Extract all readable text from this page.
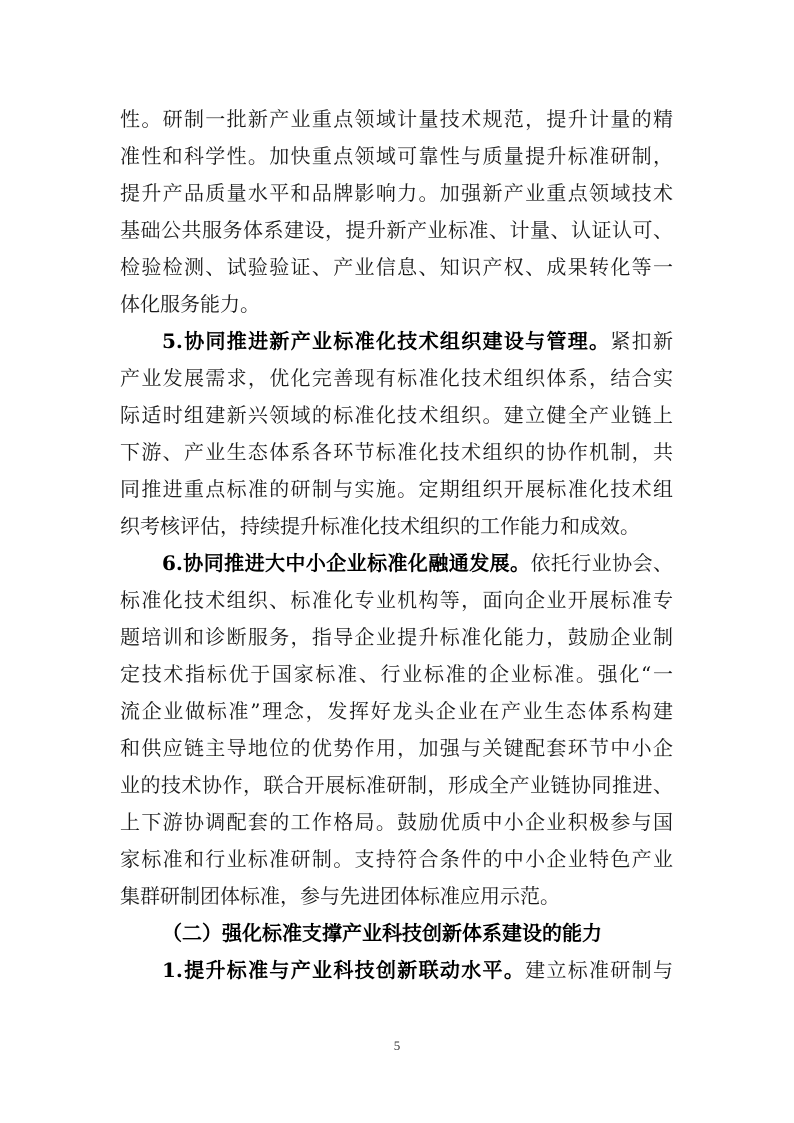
性。研制一批新产业重点领域计量技术规范，提升计量的精
准性和科学性。加快重点领域可靠性与质量提升标准研制，
提升产品质量水平和品牌影响力。加强新产业重点领域技术
基础公共服务体系建设，提升新产业标准、计量、认证认可、
检验检测、试验验证、产业信息、知识产权、成果转化等一
体化服务能力。
5.协同推进新产业标准化技术组织建设与管理。紧扣新
产业发展需求，优化完善现有标准化技术组织体系，结合实
际适时组建新兴领域的标准化技术组织。建立健全产业链上
下游、产业生态体系各环节标准化技术组织的协作机制，共
同推进重点标准的研制与实施。定期组织开展标准化技术组
织考核评估，持续提升标准化技术组织的工作能力和成效。
6.协同推进大中小企业标准化融通发展。依托行业协会、
标准化技术组织、标准化专业机构等，面向企业开展标准专
题培训和诊断服务，指导企业提升标准化能力，鼓励企业制
定技术指标优于国家标准、行业标准的企业标准。强化“一
流企业做标准”理念，发挥好龙头企业在产业生态体系构建
和供应链主导地位的优势作用，加强与关键配套环节中小企
业的技术协作，联合开展标准研制，形成全产业链协同推进、
上下游协调配套的工作格局。鼓励优质中小企业积极参与国
家标准和行业标准研制。支持符合条件的中小企业特色产业
集群研制团体标准，参与先进团体标准应用示范。
（二）强化标准支撑产业科技创新体系建设的能力
1.提升标准与产业科技创新联动水平。建立标准研制与
5
